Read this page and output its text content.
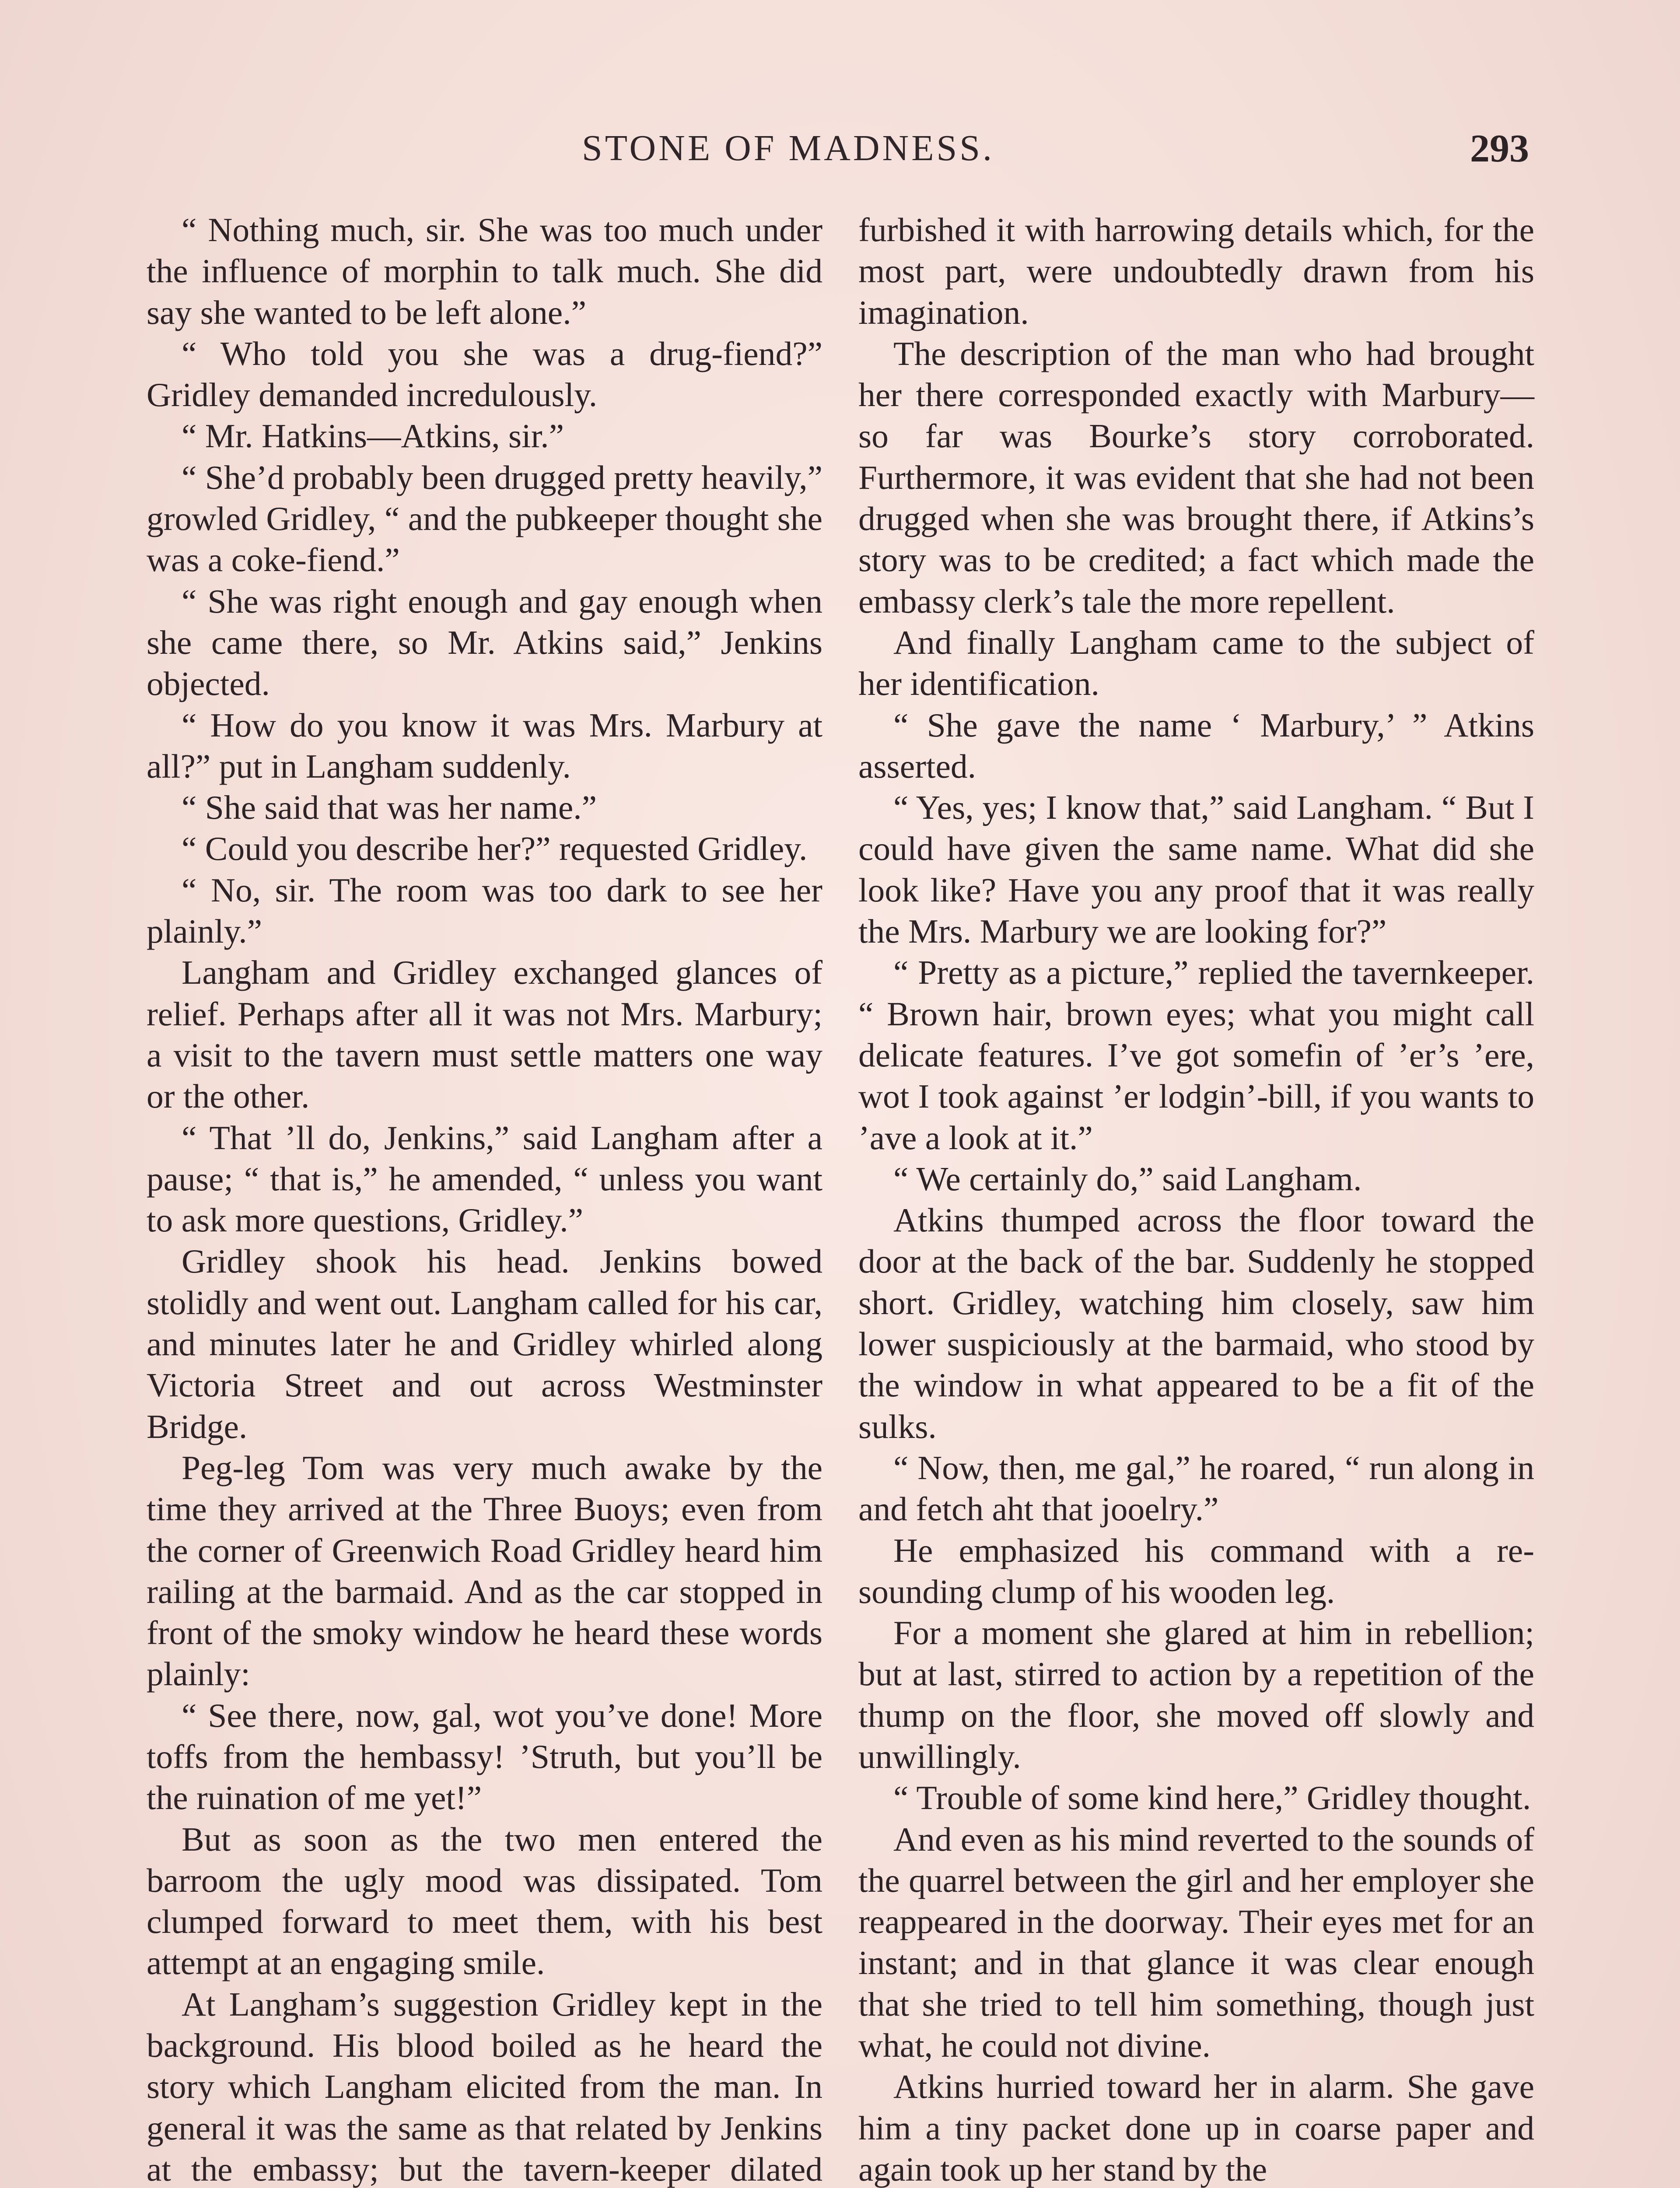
STONE OF MADNESS.	293

“ Nothing much, sir. She was too much under the influence of morphin to talk much. She did say she wanted to be left alone.”

“ Who told you she was a drug-fiend?” Gridley demanded incredulously.

“ Mr. Hatkins—Atkins, sir.”

“ She’d probably been drugged pretty heavily,” growled Gridley, “ and the pubkeeper thought she was a coke-fiend.”

“ She was right enough and gay enough when she came there, so Mr. Atkins said,” Jenkins objected.

“ How do you know it was Mrs. Marbury at all?” put in Langham suddenly.

“ She said that was her name.”

“ Could you describe her?” requested Gridley.

“ No, sir. The room was too dark to see her plainly.”

Langham and Gridley exchanged glances of relief. Perhaps after all it was not Mrs. Marbury; a visit to the tavern must settle matters one way or the other.

“ That ’ll do, Jenkins,” said Langham after a pause; “ that is,” he amended, “ unless you want to ask more questions, Gridley.”

Gridley shook his head. Jenkins bowed stolidly and went out. Langham called for his car, and minutes later he and Gridley whirled along Victoria Street and out across Westminster Bridge.

Peg-leg Tom was very much awake by the time they arrived at the Three Buoys; even from the corner of Greenwich Road Gridley heard him railing at the barmaid. And as the car stopped in front of the smoky window he heard these words plainly:

“ See there, now, gal, wot you’ve done! More toffs from the hembassy! ’Struth, but you’ll be the ruination of me yet!”

But as soon as the two men entered the barroom the ugly mood was dissipated. Tom clumped forward to meet them, with his best attempt at an engaging smile.

At Langham’s suggestion Gridley kept in the background. His blood boiled as he heard the story which Langham elicited from the man. In general it was the same as that related by Jenkins at the embassy; but the tavern-keeper dilated

furbished it with harrowing details which, for the most part, were undoubtedly drawn from his imagination.

The description of the man who had brought her there corresponded exactly with Marbury—so far was Bourke’s story corroborated. Furthermore, it was evident that she had not been drugged when she was brought there, if Atkins’s story was to be credited; a fact which made the embassy clerk’s tale the more repellent.

And finally Langham came to the subject of her identification.

“ She gave the name ‘ Marbury,’ ” Atkins asserted.

“ Yes, yes; I know that,” said Langham. “ But I could have given the same name. What did she look like? Have you any proof that it was really the Mrs. Marbury we are looking for?”

“ Pretty as a picture,” replied the tavernkeeper. “ Brown hair, brown eyes; what you might call delicate features. I’ve got somefin of ’er’s ’ere, wot I took against ’er lodgin’-bill, if you wants to ’ave a look at it.”

“ We certainly do,” said Langham.

Atkins thumped across the floor toward the door at the back of the bar. Suddenly he stopped short. Gridley, watching him closely, saw him lower suspiciously at the barmaid, who stood by the window in what appeared to be a fit of the sulks.

“ Now, then, me gal,” he roared, “ run along in and fetch aht that jooelry.”

He emphasized his command with a resounding clump of his wooden leg.

For a moment she glared at him in rebellion; but at last, stirred to action by a repetition of the thump on the floor, she moved off slowly and unwillingly.

“ Trouble of some kind here,” Gridley thought.

And even as his mind reverted to the sounds of the quarrel between the girl and her employer she reappeared in the doorway. Their eyes met for an instant; and in that glance it was clear enough that she tried to tell him something, though just what, he could not divine.

Atkins hurried toward her in alarm. She gave him a tiny packet done up in coarse paper and again took up her stand by the
